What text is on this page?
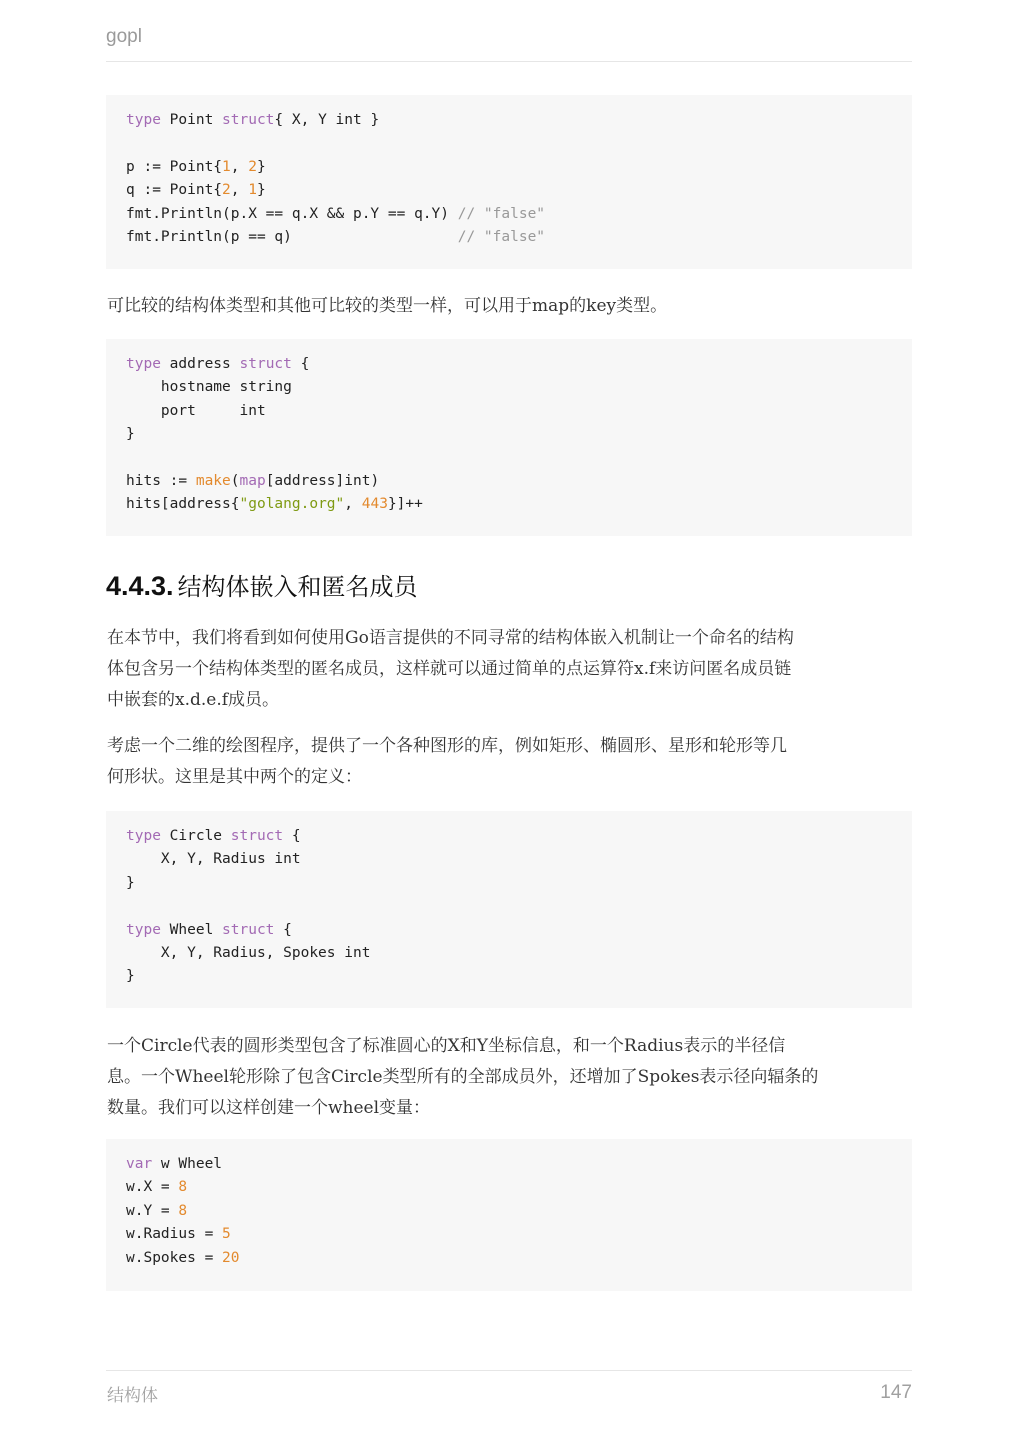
gopl
type Point struct{ X, Y int }

p := Point{1, 2}
q := Point{2, 1}
fmt.Println(p.X == q.X && p.Y == q.Y) // "false"
fmt.Println(p == q)                   // "false"
可比较的结构体类型和其他可比较的类型一样，可以用于map的key类型。
type address struct {
hostname string
port     int
}

hits := make(map[address]int)
hits[address{"golang.org", 443}]++
4.4.3. 结构体嵌入和匿名成员
在本节中，我们将看到如何使用Go语言提供的不同寻常的结构体嵌入机制让一个命名的结构
体包含另一个结构体类型的匿名成员，这样就可以通过简单的点运算符x.f来访问匿名成员链
中嵌套的x.d.e.f成员。
考虑一个二维的绘图程序，提供了一个各种图形的库，例如矩形、椭圆形、星形和轮形等几
何形状。这里是其中两个的定义：
type Circle struct {
X, Y, Radius int
}

type Wheel struct {
X, Y, Radius, Spokes int
}
一个Circle代表的圆形类型包含了标准圆心的X和Y坐标信息，和一个Radius表示的半径信
息。一个Wheel轮形除了包含Circle类型所有的全部成员外，还增加了Spokes表示径向辐条的
数量。我们可以这样创建一个wheel变量：
var w Wheel
w.X = 8
w.Y = 8
w.Radius = 5
w.Spokes = 20
结构体	147
